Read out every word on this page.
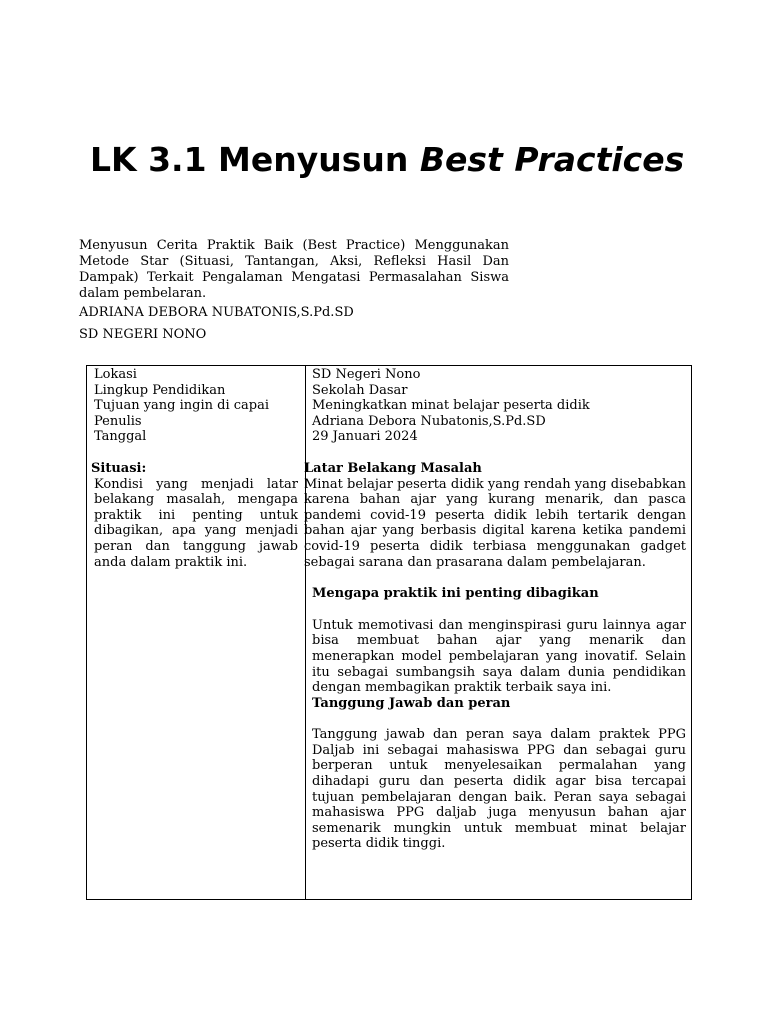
LK 3.1 Menyusun Best Practices

Menyusun Cerita Praktik Baik (Best Practice) Menggunakan Metode Star (Situasi, Tantangan, Aksi, Refleksi Hasil Dan Dampak) Terkait Pengalaman Mengatasi Permasalahan Siswa dalam pembelaran.

ADRIANA DEBORA NUBATONIS,S.Pd.SD

SD NEGERI NONO

Lokasi
Lingkup Pendidikan
Tujuan yang ingin di capai
Penulis
Tanggal
Situasi:

Kondisi yang menjadi latar belakang masalah, mengapa praktik ini penting untuk dibagikan, apa yang menjadi peran dan tanggung jawab anda dalam praktik ini.

SD Negeri Nono
Sekolah Dasar
Meningkatkan minat belajar peserta didik
Adriana Debora Nubatonis,S.Pd.SD
29 Januari 2024
Latar Belakang Masalah

Minat belajar peserta didik yang rendah yang disebabkan karena bahan ajar yang kurang menarik, dan pasca pandemi covid-19 peserta didik lebih tertarik dengan bahan ajar yang berbasis digital karena ketika pandemi covid-19 peserta didik terbiasa menggunakan gadget sebagai sarana dan prasarana dalam pembelajaran.

Mengapa praktik ini penting dibagikan

Untuk memotivasi dan menginspirasi guru lainnya agar bisa membuat bahan ajar yang menarik dan menerapkan model pembelajaran yang inovatif. Selain itu sebagai sumbangsih saya dalam dunia pendidikan dengan membagikan praktik terbaik saya ini.

Tanggung Jawab dan peran

Tanggung jawab dan peran saya dalam praktek PPG Daljab ini sebagai mahasiswa PPG dan sebagai guru berperan untuk menyelesaikan permalahan yang dihadapi guru dan peserta didik agar bisa tercapai tujuan pembelajaran dengan baik. Peran saya sebagai mahasiswa PPG daljab juga menyusun bahan ajar semenarik mungkin untuk membuat minat belajar peserta didik tinggi.
